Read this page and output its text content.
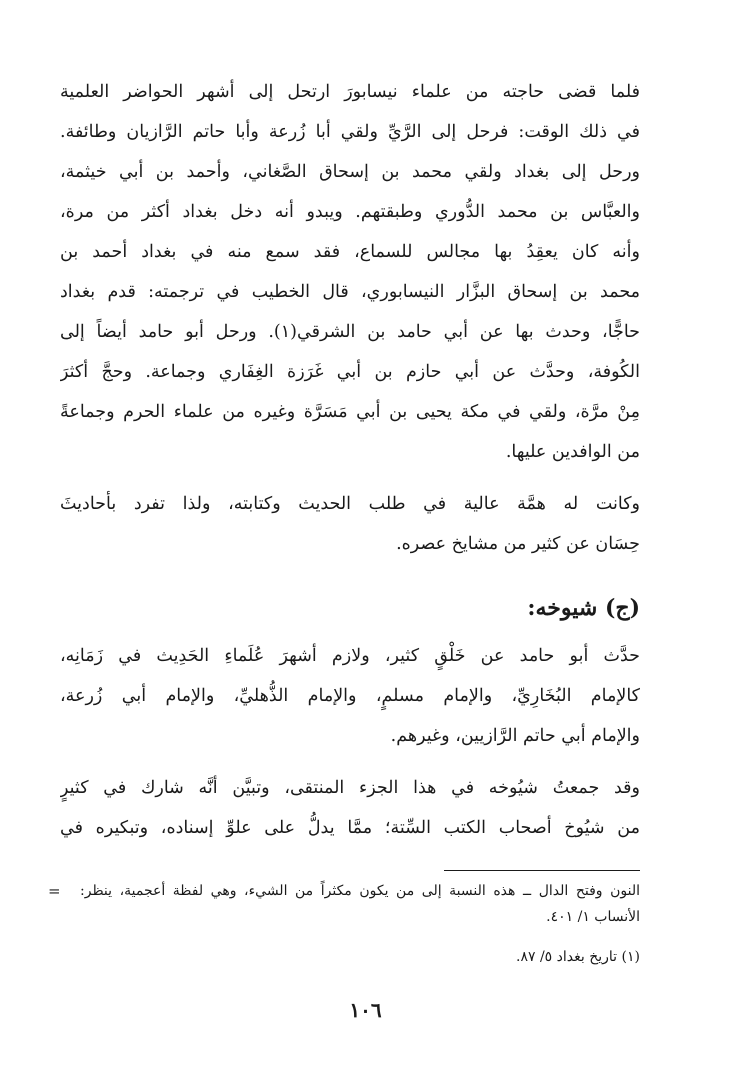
فلما قضى حاجته من علماء نيسابورَ ارتحل إلى أشهر الحواضر العلمية
في ذلك الوقت: فرحل إلى الرَّيِّ ولقي أبا زُرعة وأبا حاتم الرَّازيان وطائفة.
ورحل إلى بغداد ولقي محمد بن إسحاق الصَّغاني، وأحمد بن أبي خيثمة،
والعبَّاس بن محمد الدُّوري وطبقتهم. ويبدو أنه دخل بغداد أكثر من مرة،
وأنه كان يعقِدُ بها مجالس للسماع، فقد سمع منه في بغداد أحمد بن
محمد بن إسحاق البزَّار النيسابوري، قال الخطيب في ترجمته: قدم بغداد
حاجًّا، وحدث بها عن أبي حامد بن الشرقي(١). ورحل أبو حامد أيضاً إلى
الكُوفة، وحدَّث عن أبي حازم بن أبي غَرَزة الغِفَاري وجماعة. وحجَّ أكثرَ
مِنْ مرَّة، ولقي في مكة يحيى بن أبي مَسَرَّة وغيره من علماء الحرم وجماعةً
من الوافدين عليها.
وكانت له همَّة عالية في طلب الحديث وكتابته، ولذا تفرد بأحاديثَ
حِسَان عن كثير من مشايخ عصره.
(ج) شيوخه:
حدَّث أبو حامد عن خَلْقٍ كثير، ولازم أشهرَ عُلَماءِ الحَدِيث في زَمَانِه،
كالإمام البُخَارِيِّ، والإمام مسلمٍ، والإمام الذُّهليِّ، والإمام أبي زُرعة،
والإمام أبي حاتم الرَّازيين، وغيرهم.
وقد جمعتُ شيُوخه في هذا الجزء المنتقى، وتبيَّن أنَّه شارك في كثيرٍ
من شيُوخ أصحاب الكتب السِّتة؛ ممَّا يدلُّ على علوِّ إسناده، وتبكيره في
= النون وفتح الدال ــ هذه النسبة إلى من يكون مكثراً من الشيء، وهي لفظة أعجمية، ينظر:
الأنساب ١/ ٤٠١.
(١) تاريخ بغداد ٥/ ٨٧.
١٠٦
